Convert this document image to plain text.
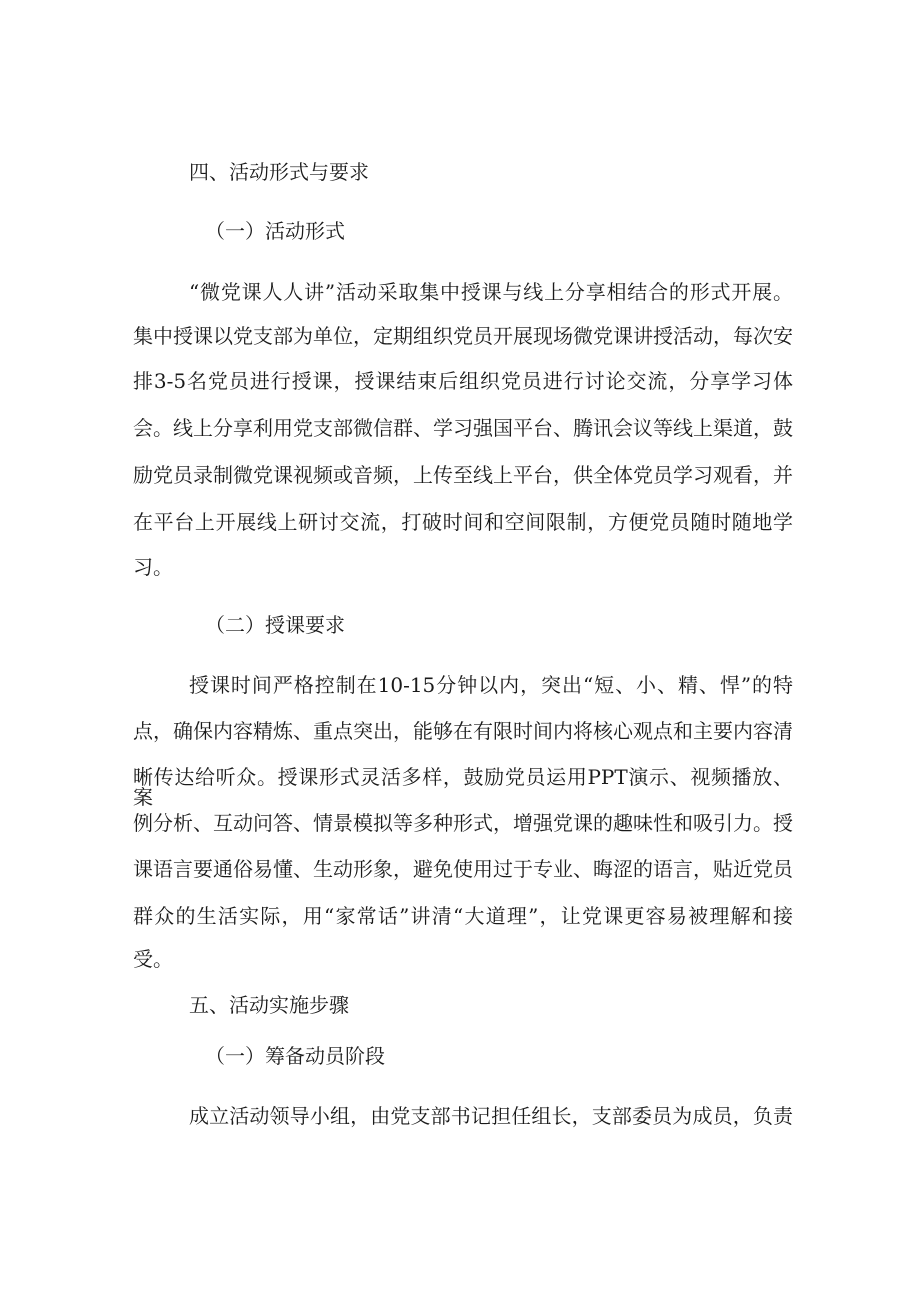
四、活动形式与要求
（一）活动形式
“微党课人人讲”活动采取集中授课与线上分享相结合的形式开展。
集中授课以党支部为单位，定期组织党员开展现场微党课讲授活动，每次安
排3-5名党员进行授课，授课结束后组织党员进行讨论交流，分享学习体
会。线上分享利用党支部微信群、学习强国平台、腾讯会议等线上渠道，鼓
励党员录制微党课视频或音频，上传至线上平台，供全体党员学习观看，并
在平台上开展线上研讨交流，打破时间和空间限制，方便党员随时随地学
习。
（二）授课要求
授课时间严格控制在10-15分钟以内，突出“短、小、精、悍”的特
点，确保内容精炼、重点突出，能够在有限时间内将核心观点和主要内容清
晰传达给听众。授课形式灵活多样，鼓励党员运用PPT演示、视频播放、案
例分析、互动问答、情景模拟等多种形式，增强党课的趣味性和吸引力。授
课语言要通俗易懂、生动形象，避免使用过于专业、晦涩的语言，贴近党员
群众的生活实际，用“家常话”讲清“大道理”，让党课更容易被理解和接
受。
五、活动实施步骤
（一）筹备动员阶段
成立活动领导小组，由党支部书记担任组长，支部委员为成员，负责
